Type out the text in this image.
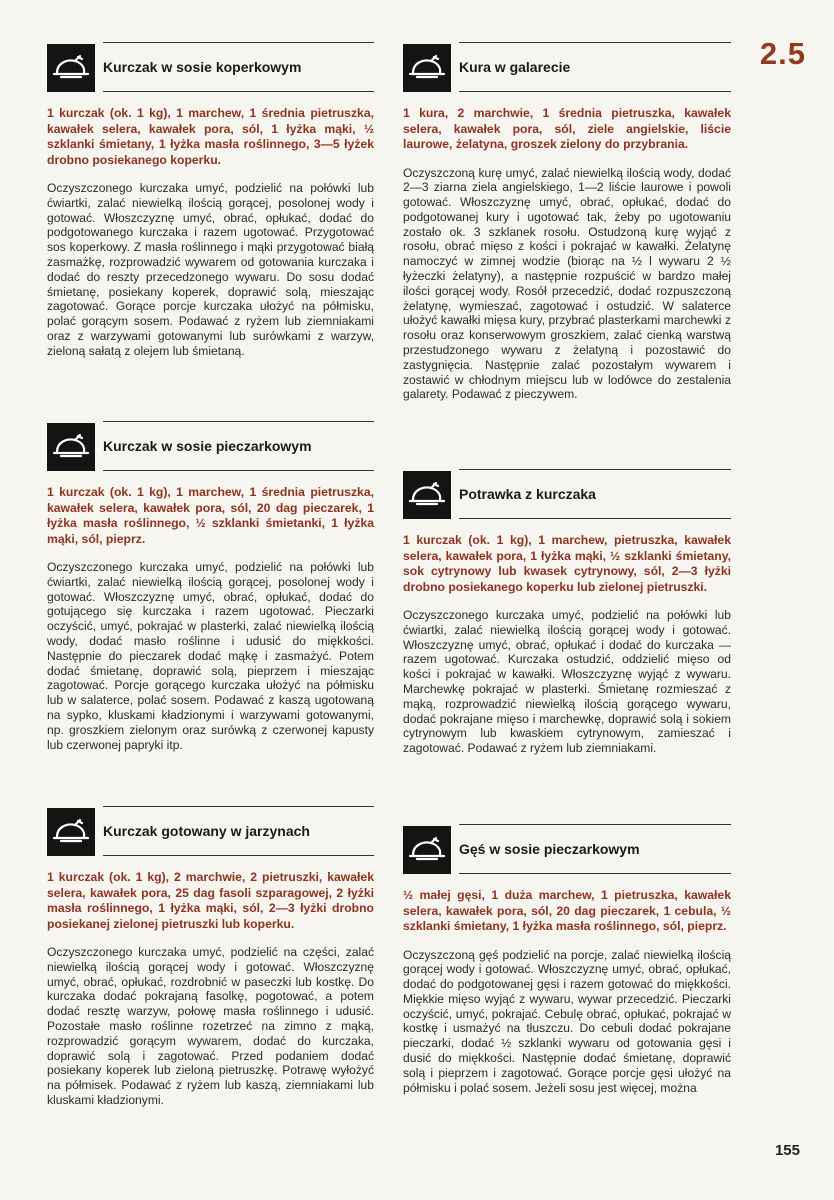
2.5
Kurczak w sosie koperkowym

1 kurczak (ok. 1 kg), 1 marchew, 1 średnia pietruszka, kawałek selera, kawałek pora, sól, 1 łyżka mąki, ½ szklanki śmietany, 1 łyżka masła roślinnego, 3—5 łyżek drobno posiekanego koperku.

Oczyszczonego kurczaka umyć, podzielić na połówki lub ćwiartki, zalać niewielką ilością gorącej, posolonej wody i gotować. Włoszczyznę umyć, obrać, opłukać, dodać do podgotowanego kurczaka i razem ugotować. Przygotować sos koperkowy. Z masła roślinnego i mąki przygotować białą zasmażkę, rozprowadzić wywarem od gotowania kurczaka i dodać do reszty przecedzonego wywaru. Do sosu dodać śmietanę, posiekany koperek, doprawić solą, mieszając zagotować. Gorące porcje kurczaka ułożyć na półmisku, polać gorącym sosem. Podawać z ryżem lub ziemniakami oraz z warzywami gotowanymi lub surówkami z warzyw, zieloną sałatą z olejem lub śmietaną.

Kurczak w sosie pieczarkowym

1 kurczak (ok. 1 kg), 1 marchew, 1 średnia pietruszka, kawałek selera, kawałek pora, sól, 20 dag pieczarek, 1 łyżka masła roślinnego, ½ szklanki śmietanki, 1 łyżka mąki, sól, pieprz.

Oczyszczonego kurczaka umyć, podzielić na połówki lub ćwiartki, zalać niewielką ilością gorącej, posolonej wody i gotować. Włoszczyznę umyć, obrać, opłukać, dodać do gotującego się kurczaka i razem ugotować. Pieczarki oczyścić, umyć, pokrajać w plasterki, zalać niewielką ilością wody, dodać masło roślinne i udusić do miękkości. Następnie do pieczarek dodać mąkę i zasmażyć. Potem dodać śmietanę, doprawić solą, pieprzem i mieszając zagotować. Porcje gorącego kurczaka ułożyć na półmisku lub w salaterce, polać sosem. Podawać z kaszą ugotowaną na sypko, kluskami kładzionymi i warzywami gotowanymi, np. groszkiem zielonym oraz surówką z czerwonej kapusty lub czerwonej papryki itp.

Kurczak gotowany w jarzynach

1 kurczak (ok. 1 kg), 2 marchwie, 2 pietruszki, kawałek selera, kawałek pora, 25 dag fasoli szparagowej, 2 łyżki masła roślinnego, 1 łyżka mąki, sól, 2—3 łyżki drobno posiekanej zielonej pietruszki lub koperku.

Oczyszczonego kurczaka umyć, podzielić na części, zalać niewielką ilością gorącej wody i gotować. Włoszczyznę umyć, obrać, opłukać, rozdrobnić w paseczki lub kostkę. Do kurczaka dodać pokrajaną fasolkę, pogotować, a potem dodać resztę warzyw, połowę masła roślinnego i udusić. Pozostałe masło roślinne rozetrzeć na zimno z mąką, rozprowadzić gorącym wywarem, dodać do kurczaka, doprawić solą i zagotować. Przed podaniem dodać posiekany koperek lub zieloną pietruszkę. Potrawę wyłożyć na półmisek. Podawać z ryżem lub kaszą, ziemniakami lub kluskami kładzionymi.

Kura w galarecie

1 kura, 2 marchwie, 1 średnia pietruszka, kawałek selera, kawałek pora, sól, ziele angielskie, liście laurowe, żelatyna, groszek zielony do przybrania.

Oczyszczoną kurę umyć, zalać niewielką ilością wody, dodać 2—3 ziarna ziela angielskiego, 1—2 liście laurowe i powoli gotować. Włoszczyznę umyć, obrać, opłukać, dodać do podgotowanej kury i ugotować tak, żeby po ugotowaniu zostało ok. 3 szklanek rosołu. Ostudzoną kurę wyjąć z rosołu, obrać mięso z kości i pokrajać w kawałki. Żelatynę namoczyć w zimnej wodzie (biorąc na ½ l wywaru 2 ½ łyżeczki żelatyny), a następnie rozpuścić w bardzo małej ilości gorącej wody. Rosół przecedzić, dodać rozpuszczoną żelatynę, wymieszać, zagotować i ostudzić. W salaterce ułożyć kawałki mięsa kury, przybrać plasterkami marchewki z rosołu oraz konserwowym groszkiem, zalać cienką warstwą przestudzonego wywaru z żelatyną i pozostawić do zastygnięcia. Następnie zalać pozostałym wywarem i zostawić w chłodnym miejscu lub w lodówce do zestalenia galarety. Podawać z pieczywem.

Potrawka z kurczaka

1 kurczak (ok. 1 kg), 1 marchew, pietruszka, kawałek selera, kawałek pora, 1 łyżka mąki, ½ szklanki śmietany, sok cytrynowy lub kwasek cytrynowy, sól, 2—3 łyżki drobno posiekanego koperku lub zielonej pietruszki.

Oczyszczonego kurczaka umyć, podzielić na połówki lub ćwiartki, zalać niewielką ilością gorącej wody i gotować. Włoszczyznę umyć, obrać, opłukać i dodać do kurczaka — razem ugotować. Kurczaka ostudzić, oddzielić mięso od kości i pokrajać w kawałki. Włoszczyznę wyjąć z wywaru. Marchewkę pokrajać w plasterki. Śmietanę rozmieszać z mąką, rozprowadzić niewielką ilością gorącego wywaru, dodać pokrajane mięso i marchewkę, doprawić solą i sokiem cytrynowym lub kwaskiem cytrynowym, zamieszać i zagotować. Podawać z ryżem lub ziemniakami.

Gęś w sosie pieczarkowym

½ małej gęsi, 1 duża marchew, 1 pietruszka, kawałek selera, kawałek pora, sól, 20 dag pieczarek, 1 cebula, ½ szklanki śmietany, 1 łyżka masła roślinnego, sól, pieprz.

Oczyszczoną gęś podzielić na porcje, zalać niewielką ilością gorącej wody i gotować. Włoszczyznę umyć, obrać, opłukać, dodać do podgotowanej gęsi i razem gotować do miękkości. Miękkie mięso wyjąć z wywaru, wywar przecedzić. Pieczarki oczyścić, umyć, pokrajać. Cebulę obrać, opłukać, pokrajać w kostkę i usmażyć na tłuszczu. Do cebuli dodać pokrajane pieczarki, dodać ½ szklanki wywaru od gotowania gęsi i dusić do miękkości. Następnie dodać śmietanę, doprawić solą i pieprzem i zagotować. Gorące porcje gęsi ułożyć na półmisku i polać sosem. Jeżeli sosu jest więcej, można

155
